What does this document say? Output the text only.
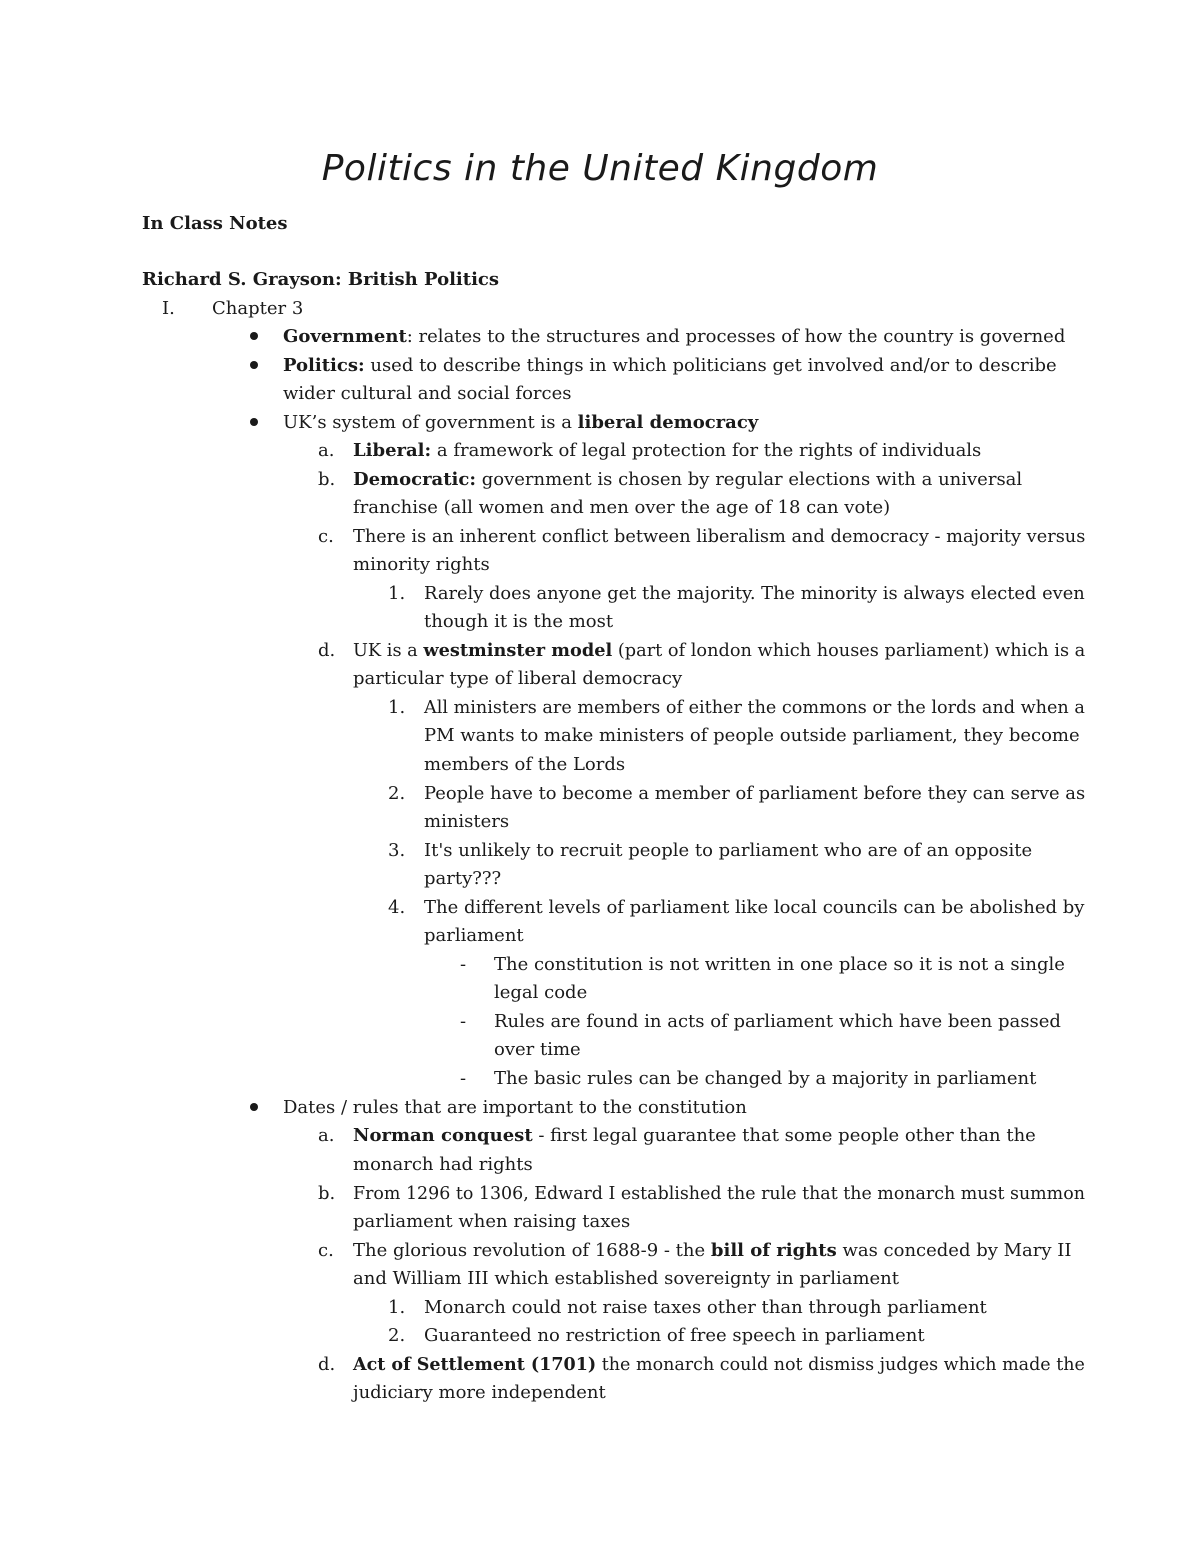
Politics in the United Kingdom
In Class Notes
Richard S. Grayson: British Politics
I. Chapter 3
Government: relates to the structures and processes of how the country is governed
Politics: used to describe things in which politicians get involved and/or to describe
wider cultural and social forces
UK’s system of government is a liberal democracy
a. Liberal: a framework of legal protection for the rights of individuals
b. Democratic: government is chosen by regular elections with a universal
franchise (all women and men over the age of 18 can vote)
c. There is an inherent conflict between liberalism and democracy - majority versus
minority rights
1. Rarely does anyone get the majority. The minority is always elected even
though it is the most
d. UK is a westminster model (part of london which houses parliament) which is a
particular type of liberal democracy
1. All ministers are members of either the commons or the lords and when a
PM wants to make ministers of people outside parliament, they become
members of the Lords
2. People have to become a member of parliament before they can serve as
ministers
3. It's unlikely to recruit people to parliament who are of an opposite
party???
4. The different levels of parliament like local councils can be abolished by
parliament
- The constitution is not written in one place so it is not a single
legal code
- Rules are found in acts of parliament which have been passed
over time
- The basic rules can be changed by a majority in parliament
Dates / rules that are important to the constitution
a. Norman conquest - first legal guarantee that some people other than the
monarch had rights
b. From 1296 to 1306, Edward I established the rule that the monarch must summon
parliament when raising taxes
c. The glorious revolution of 1688-9 - the bill of rights was conceded by Mary II
and William III which established sovereignty in parliament
1. Monarch could not raise taxes other than through parliament
2. Guaranteed no restriction of free speech in parliament
d. Act of Settlement (1701) the monarch could not dismiss judges which made the
judiciary more independent
